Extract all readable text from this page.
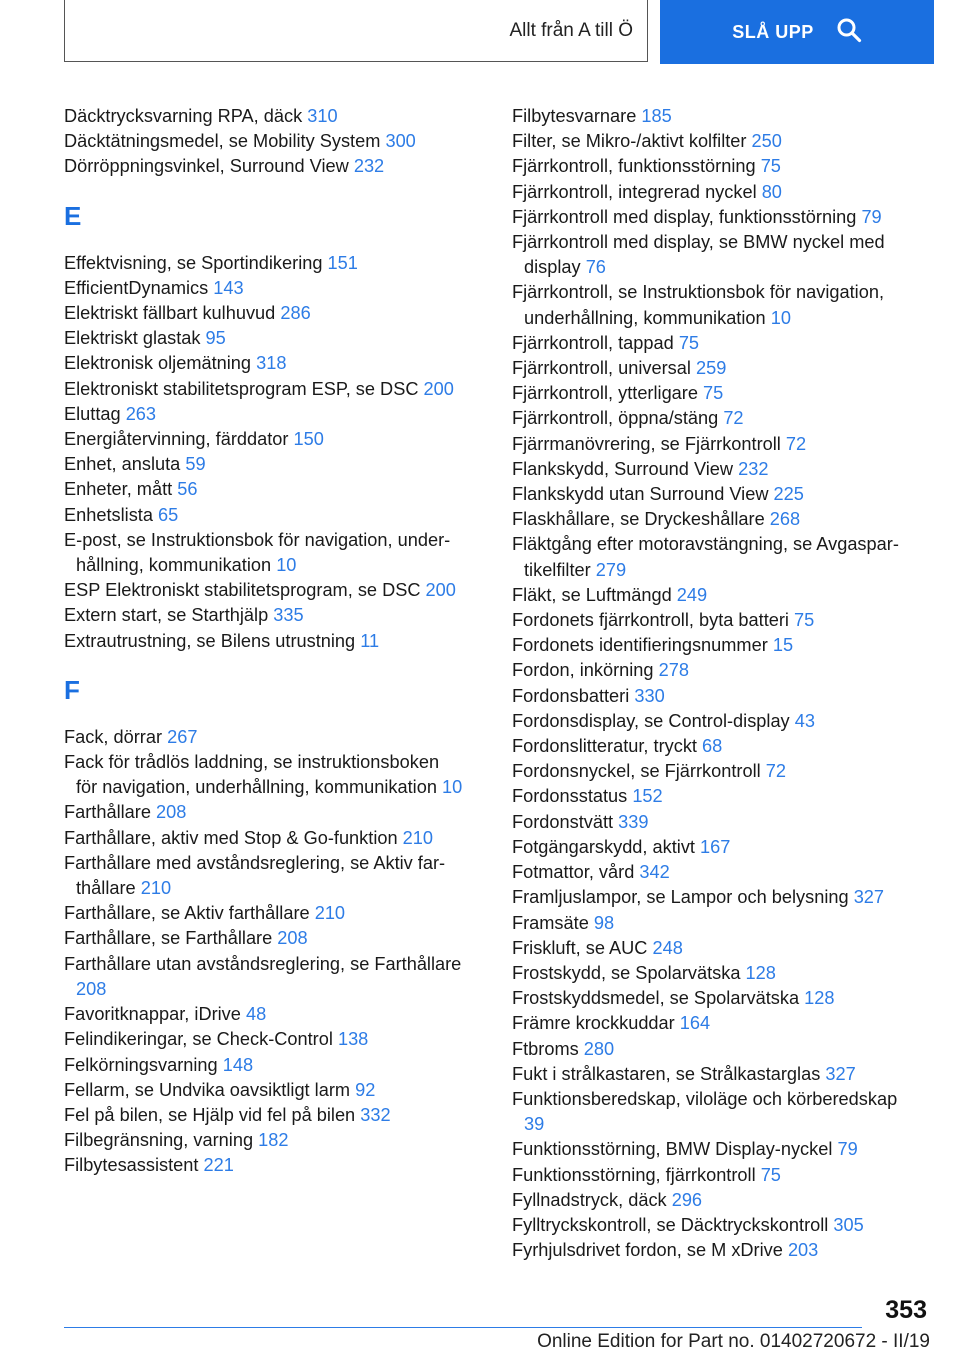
Allt från A till Ö	SLÅ UPP
Däcktrycksvarning RPA, däck 310
Däcktätningsmedel, se Mobility System 300
Dörröppningsvinkel, Surround View 232
E
Effektvisning, se Sportindikering 151
EfficientDynamics 143
Elektriskt fällbart kulhuvud 286
Elektriskt glastak 95
Elektronisk oljemätning 318
Elektroniskt stabilitetsprogram ESP, se DSC 200
Eluttag 263
Energiåtervinning, färddator 150
Enhet, ansluta 59
Enheter, mått 56
Enhetslista 65
E-post, se Instruktionsbok för navigation, underhållning, kommunikation 10
ESP Elektroniskt stabilitetsprogram, se DSC 200
Extern start, se Starthjälp 335
Extrautrustning, se Bilens utrustning 11
F
Fack, dörrar 267
Fack för trådlös laddning, se instruktionsboken för navigation, underhållning, kommunikation 10
Farthållare 208
Farthållare, aktiv med Stop & Go-funktion 210
Farthållare med avståndsreglering, se Aktiv farthållare 210
Farthållare, se Aktiv farthållare 210
Farthållare, se Farthållare 208
Farthållare utan avståndsreglering, se Farthållare 208
Favoritknappar, iDrive 48
Felindikeringar, se Check-Control 138
Felkörningsvarning 148
Fellarm, se Undvika oavsiktligt larm 92
Fel på bilen, se Hjälp vid fel på bilen 332
Filbegränsning, varning 182
Filbytesassistent 221
Filbytesvarnare 185
Filter, se Mikro-/aktivt kolfilter 250
Fjärrkontroll, funktionsstörning 75
Fjärrkontroll, integrerad nyckel 80
Fjärrkontroll med display, funktionsstörning 79
Fjärrkontroll med display, se BMW nyckel med display 76
Fjärrkontroll, se Instruktionsbok för navigation, underhållning, kommunikation 10
Fjärrkontroll, tappad 75
Fjärrkontroll, universal 259
Fjärrkontroll, ytterligare 75
Fjärrkontroll, öppna/stäng 72
Fjärrmanövrering, se Fjärrkontroll 72
Flankskydd, Surround View 232
Flankskydd utan Surround View 225
Flaskhållare, se Dryckeshållare 268
Fläktgång efter motoravstängning, se Avgaspartikelfilter 279
Fläkt, se Luftmängd 249
Fordonets fjärrkontroll, byta batteri 75
Fordonets identifieringsnummer 15
Fordon, inkörning 278
Fordonsbatteri 330
Fordonsdisplay, se Control-display 43
Fordonslitteratur, tryckt 68
Fordonsnyckel, se Fjärrkontroll 72
Fordonsstatus 152
Fordonstvätt 339
Fotgängarskydd, aktivt 167
Fotmattor, vård 342
Framljuslampor, se Lampor och belysning 327
Framsäte 98
Friskluft, se AUC 248
Frostskydd, se Spolarvätska 128
Frostskyddsmedel, se Spolarvätska 128
Främre krockkuddar 164
Ftbroms 280
Fukt i strålkastaren, se Strålkastarglas 327
Funktionsberedskap, viloläge och körberedskap 39
Funktionsstörning, BMW Display-nyckel 79
Funktionsstörning, fjärrkontroll 75
Fyllnadstryck, däck 296
Fylltryckskontroll, se Däcktryckskontroll 305
Fyrhjulsdrivet fordon, se M xDrive 203
353
Online Edition for Part no. 01402720672 - II/19
